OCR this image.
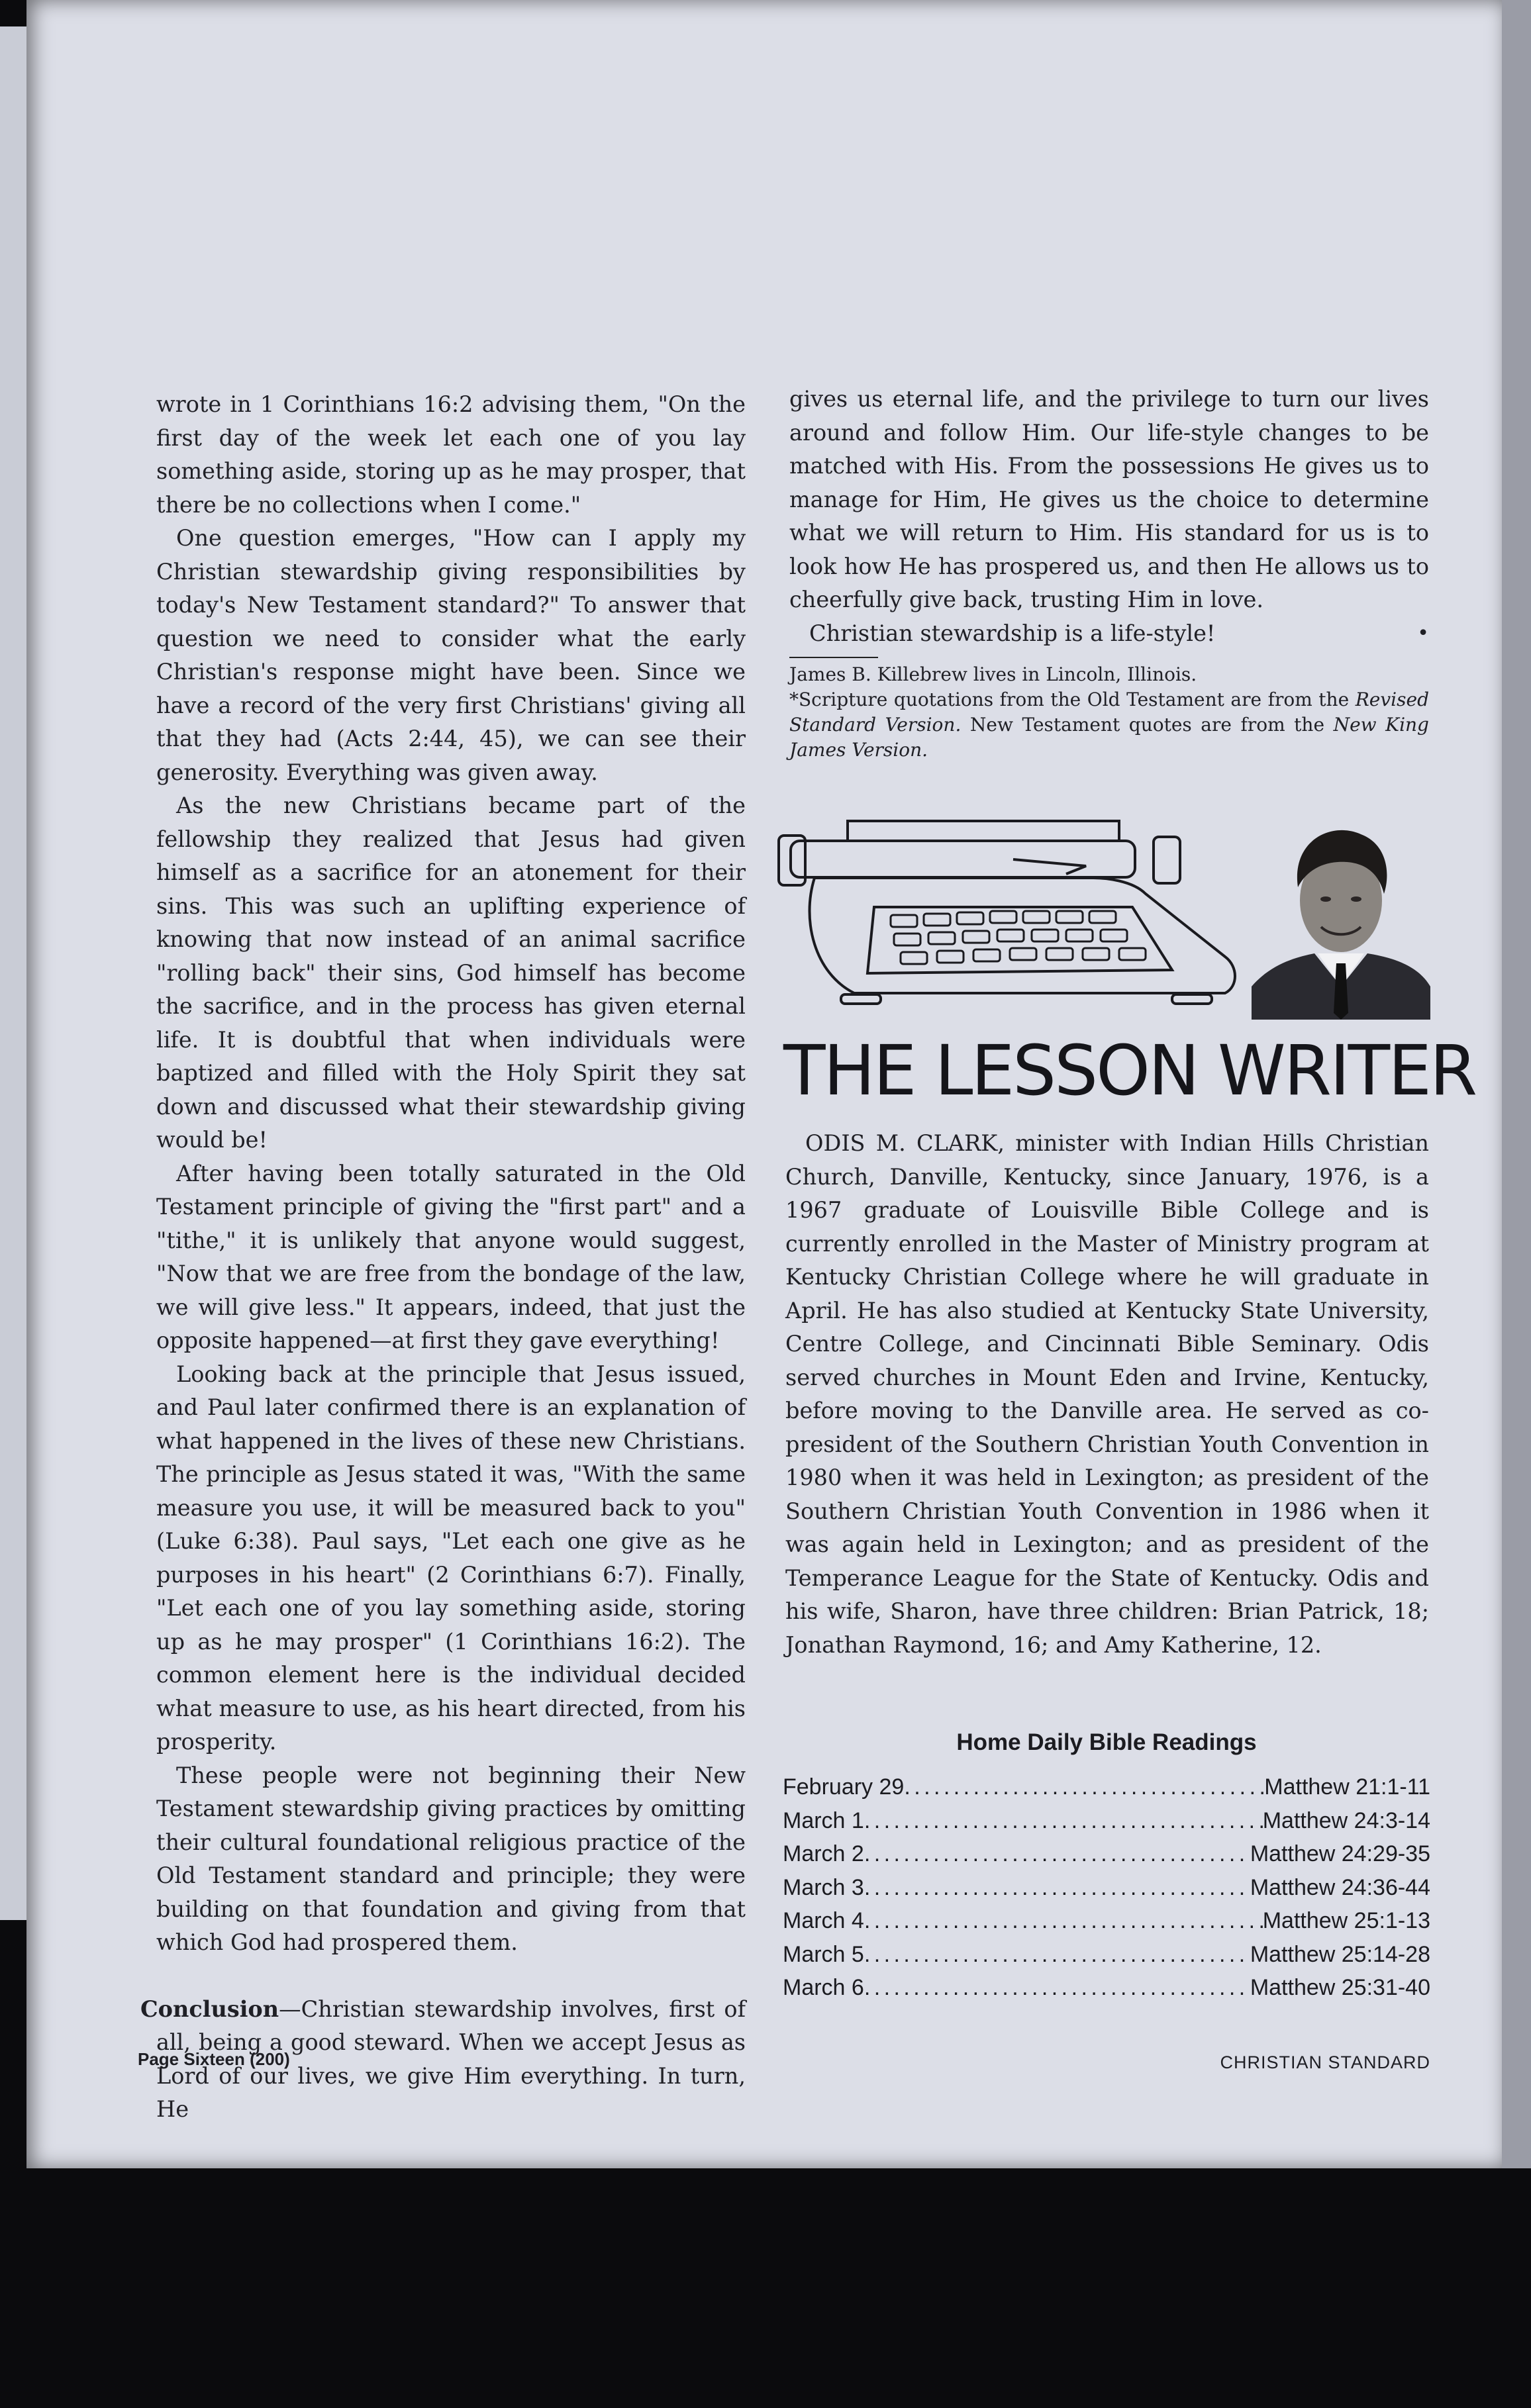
wrote in 1 Corinthians 16:2 advising them, "On the first day of the week let each one of you lay something aside, storing up as he may prosper, that there be no collections when I come."

One question emerges, "How can I apply my Christian stewardship giving responsibilities by today's New Testament standard?" To answer that question we need to consider what the early Christian's response might have been. Since we have a record of the very first Christians' giving all that they had (Acts 2:44, 45), we can see their generosity. Everything was given away.

As the new Christians became part of the fellowship they realized that Jesus had given himself as a sacrifice for an atonement for their sins. This was such an uplifting experience of knowing that now instead of an animal sacrifice "rolling back" their sins, God himself has become the sacrifice, and in the process has given eternal life. It is doubtful that when individuals were baptized and filled with the Holy Spirit they sat down and discussed what their stewardship giving would be!

After having been totally saturated in the Old Testament principle of giving the "first part" and a "tithe," it is unlikely that anyone would suggest, "Now that we are free from the bondage of the law, we will give less." It appears, indeed, that just the opposite happened—at first they gave everything!

Looking back at the principle that Jesus issued, and Paul later confirmed there is an explanation of what happened in the lives of these new Christians. The principle as Jesus stated it was, "With the same measure you use, it will be measured back to you" (Luke 6:38). Paul says, "Let each one give as he purposes in his heart" (2 Corinthians 6:7). Finally, "Let each one of you lay something aside, storing up as he may prosper" (1 Corinthians 16:2). The common element here is the individual decided what measure to use, as his heart directed, from his prosperity.

These people were not beginning their New Testament stewardship giving practices by omitting their cultural foundational religious practice of the Old Testament standard and principle; they were building on that foundation and giving from that which God had prospered them.

Conclusion—Christian stewardship involves, first of all, being a good steward. When we accept Jesus as Lord of our lives, we give Him everything. In turn, He

gives us eternal life, and the privilege to turn our lives around and follow Him. Our life-style changes to be matched with His. From the possessions He gives us to manage for Him, He gives us the choice to determine what we will return to Him. His standard for us is to look how He has prospered us, and then He allows us to cheerfully give back, trusting Him in love.

Christian stewardship is a life-style!	•

James B. Killebrew lives in Lincoln, Illinois.

*Scripture quotations from the Old Testament are from the Revised Standard Version. New Testament quotes are from the New King James Version.

THE LESSON WRITER

ODIS M. CLARK, minister with Indian Hills Christian Church, Danville, Kentucky, since January, 1976, is a 1967 graduate of Louisville Bible College and is currently enrolled in the Master of Ministry program at Kentucky Christian College where he will graduate in April. He has also studied at Kentucky State University, Centre College, and Cincinnati Bible Seminary. Odis served churches in Mount Eden and Irvine, Kentucky, before moving to the Danville area. He served as co-president of the Southern Christian Youth Convention in 1980 when it was held in Lexington; as president of the Southern Christian Youth Convention in 1986 when it was again held in Lexington; and as president of the Temperance League for the State of Kentucky. Odis and his wife, Sharon, have three children: Brian Patrick, 18; Jonathan Raymond, 16; and Amy Katherine, 12.

Home Daily Bible Readings
February 29 . . .	Matthew 21:1-11
March 1 . . .	Matthew 24:3-14
March 2 . . .	Matthew 24:29-35
March 3 . . .	Matthew 24:36-44
March 4 . . .	Matthew 25:1-13
March 5 . . .	Matthew 25:14-28
March 6 . . .	Matthew 25:31-40
Page Sixteen (200)	CHRISTIAN STANDARD
